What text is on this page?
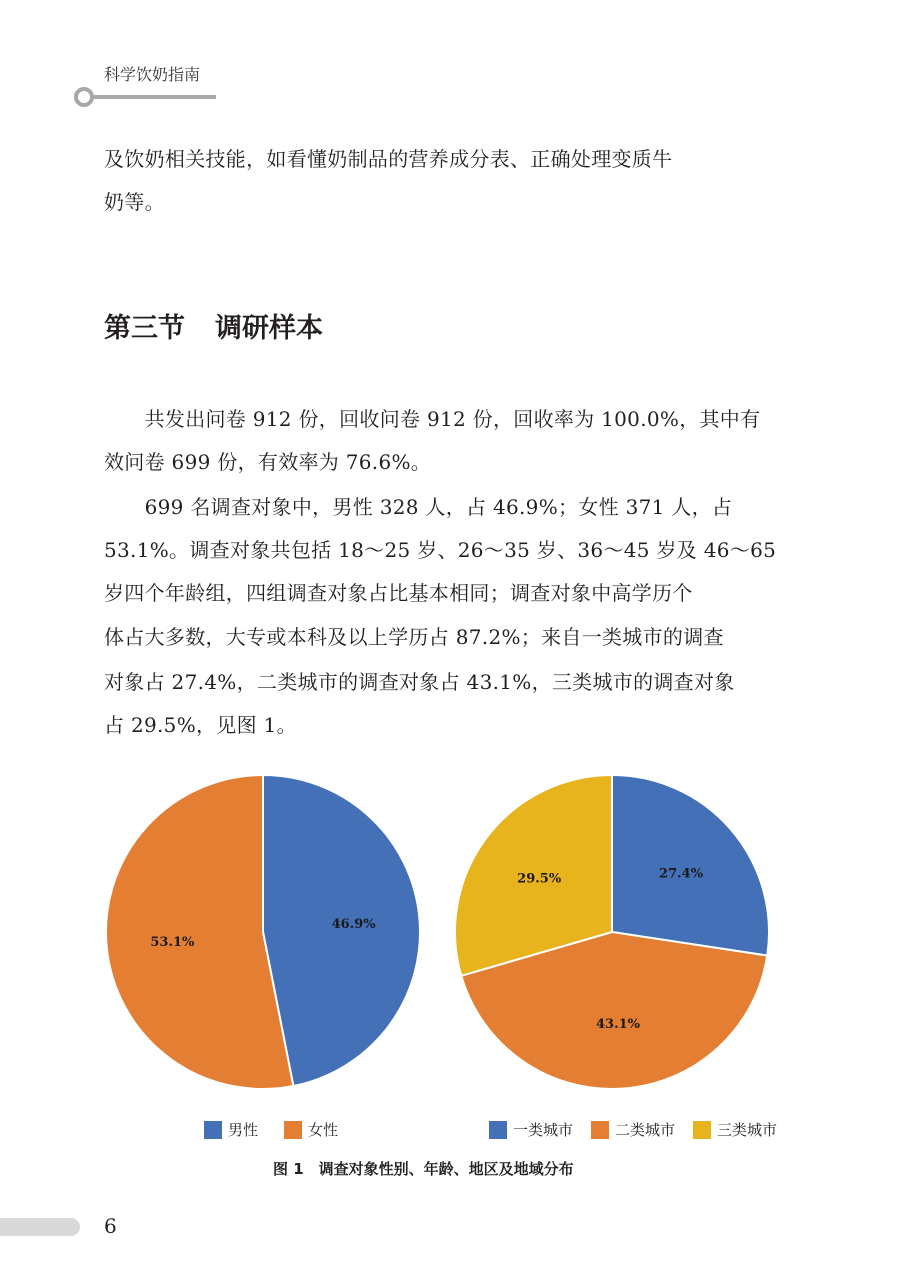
科学饮奶指南
及饮奶相关技能，如看懂奶制品的营养成分表、正确处理变质牛
奶等。
第三节 调研样本
　　共发出问卷 912 份，回收问卷 912 份，回收率为 100.0%，其中有
效问卷 699 份，有效率为 76.6%。
　　699 名调查对象中，男性 328 人，占 46.9%；女性 371 人，占
53.1%。调查对象共包括 18～25 岁、26～35 岁、36～45 岁及 46～65
岁四个年龄组，四组调查对象占比基本相同；调查对象中高学历个
体占大多数，大专或本科及以上学历占 87.2%；来自一类城市的调查
对象占 27.4%，二类城市的调查对象占 43.1%，三类城市的调查对象
占 29.5%，见图 1。
46.9%
53.1%
27.4%
43.1%
29.5%
男性	女性	一类城市	二类城市	三类城市
图 1　调查对象性别、年龄、地区及地域分布
6
